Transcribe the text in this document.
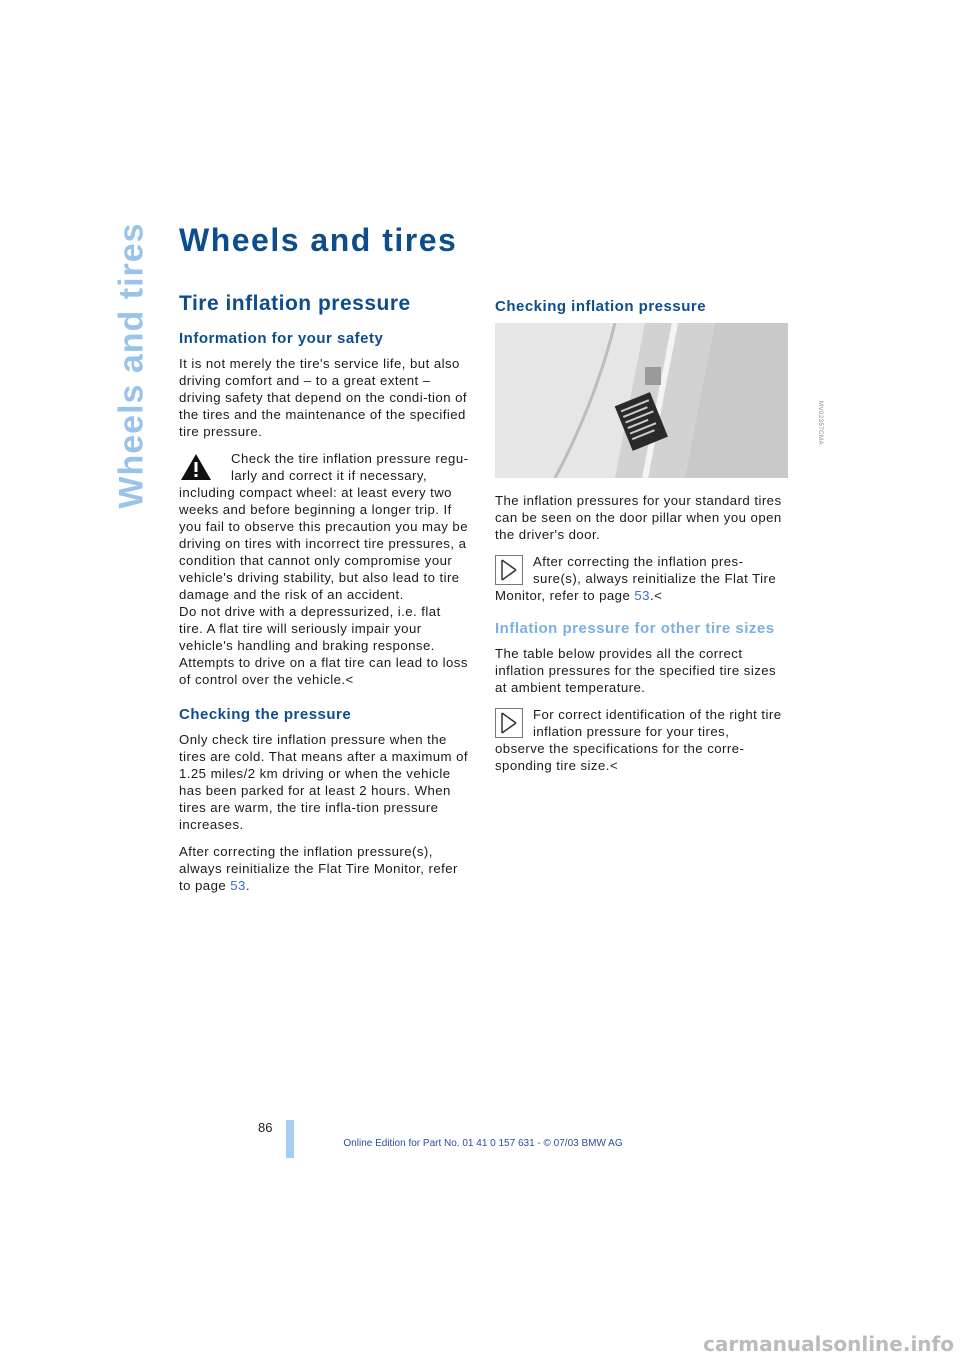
Wheels and tires Wheels and tires
Tire inflation pressure
Information for your safety

It is not merely the tire's service life, but also driving comfort and – to a great extent – driving safety that depend on the condi-tion of the tires and the maintenance of the specified tire pressure.

Check the tire inflation pressure regu-larly and correct it if necessary,
including compact wheel: at least every two weeks and before beginning a longer trip. If you fail to observe this precaution you may be driving on tires with incorrect tire pressures, a condition that cannot only compromise your vehicle's driving stability, but also lead to tire damage and the risk of an accident.

Do not drive with a depressurized, i.e. flat tire. A flat tire will seriously impair your vehicle's handling and braking response. Attempts to drive on a flat tire can lead to loss of control over the vehicle.<

Checking the pressure

Only check tire inflation pressure when the tires are cold. That means after a maximum of 1.25 miles/2 km driving or when the vehicle has been parked for at least 2 hours. When tires are warm, the tire infla-tion pressure increases.

After correcting the inflation pressure(s), always reinitialize the Flat Tire Monitor, refer to page 53.

Checking inflation pressure

The inflation pressures for your standard tires can be seen on the door pillar when you open the driver's door.

After correcting the inflation pres-sure(s), always reinitialize the Flat Tire
Monitor, refer to page 53.<

Inflation pressure for other tire sizes

The table below provides all the correct inflation pressures for the specified tire sizes at ambient temperature.

For correct identification of the right tire inflation pressure for your tires,
observe the specifications for the corre-sponding tire size.<

MV02357CMA
86
Online Edition for Part No. 01 41 0 157 631 - © 07/03 BMW AG
carmanualsonline.info
